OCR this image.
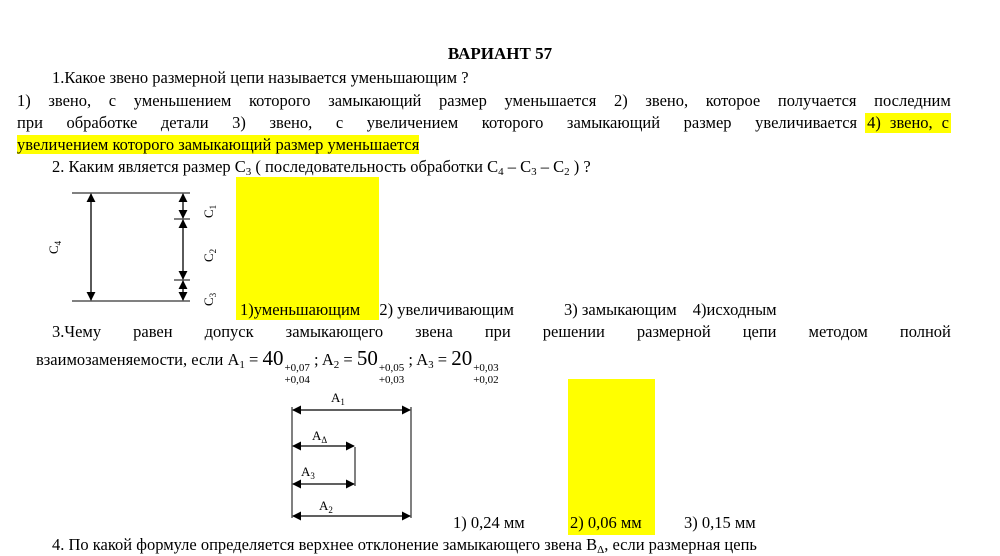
ВАРИАНТ 57
1.Какое звено размерной цепи называется уменьшающим ?
1) звено, с уменьшением которого замыкающий размер уменьшается 2) звено, которое получается последним
при обработке детали 3) звено, с увеличением которого замыкающий размер увеличивается 4) звено, с
увеличением которого замыкающий размер уменьшается
2. Каким является размер $C_3$ ( последовательность обработки $C_4 - C_3 - C_2$ ) ?
$C_4$
$C_1$
$C_2$
$C_3$
1)уменьшающим 2) увеличивающим	3) замыкающим 4)исходным
3.Чему равен допуск замыкающего звена при решении размерной цепи методом полной
взаимозаменяемости, если $A_1 = 40 +0,07$
+0,04
; $A_2 = 50 +0,05$
+0,03
; $A_3 = 20 +0,03$
+0,02
$A_1$
$A_\Delta$
$A_3$
$A_2$
1) 0,24 мм	2) 0,06 мм	3) 0,15 мм
4. По какой формуле определяется верхнее отклонение замыкающего звена $B_\Delta$, если размерная цепь
